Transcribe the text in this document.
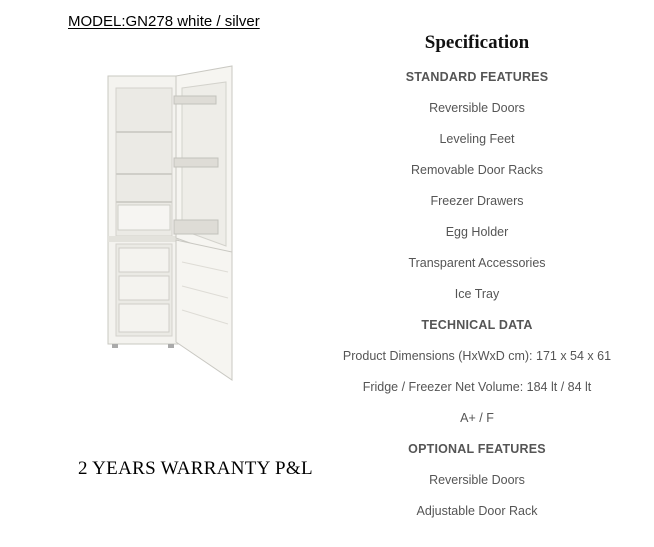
MODEL:GN278 white / silver
2 YEARS WARRANTY P&L
Specification
STANDARD FEATURES
Reversible Doors
Leveling Feet
Removable Door Racks
Freezer Drawers
Egg Holder
Transparent Accessories
Ice Tray
TECHNICAL DATA
Product Dimensions (HxWxD cm): 171 x 54 x 61
Fridge / Freezer Net Volume: 184 lt / 84 lt
A+ / F
OPTIONAL FEATURES
Reversible Doors
Adjustable Door Rack
